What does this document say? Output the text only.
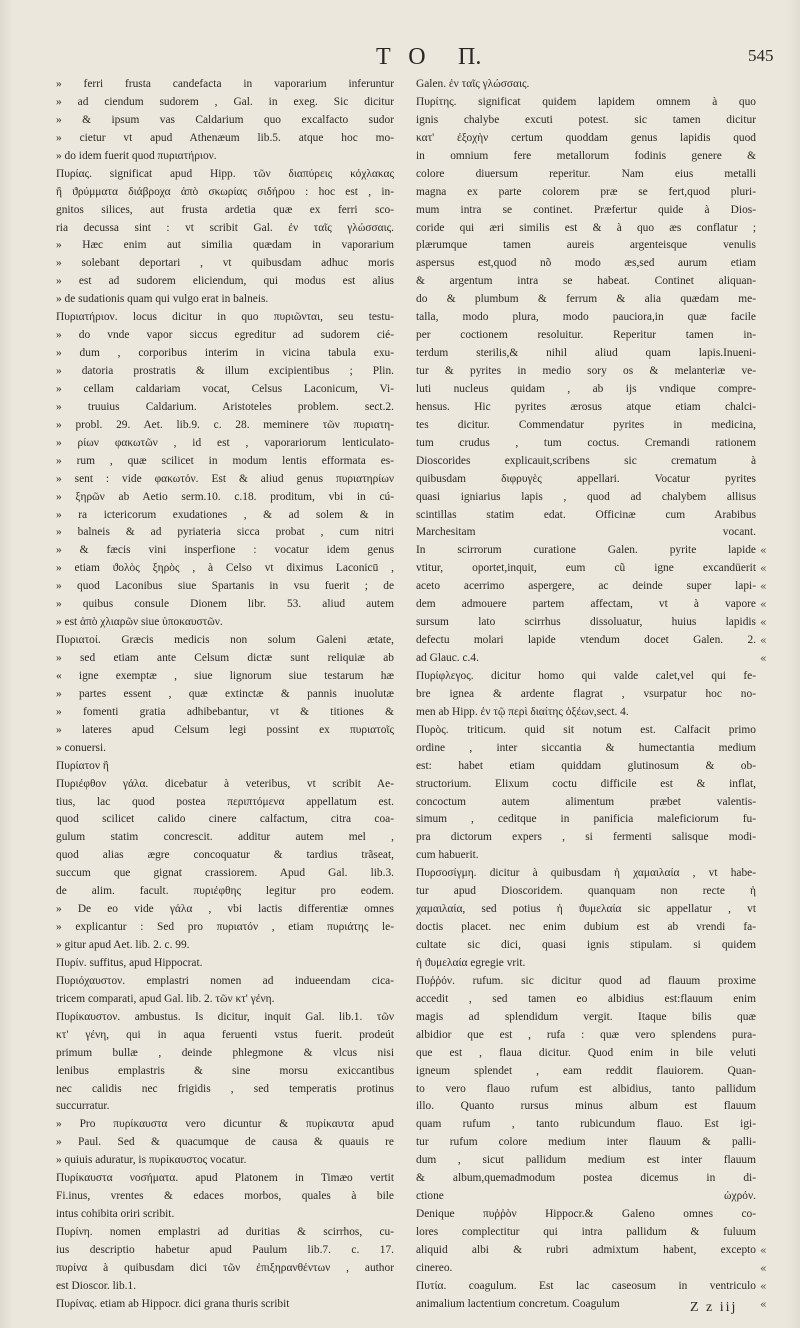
T O Π.	545
» ferri frusta candefacta in vaporarium inferuntur
» ad ciendum sudorem , Gal. in exeg. Sic dicitur
» & ipsum vas Caldarium quo excalfacto sudor
» cietur vt apud Athenæum lib.5. atque hoc mo-
» do idem fuerit quod πυριατήριον.
Πυρίας. significat apud Hipp. τῶν διαπύρεις κόχλακας
ἢ ϑρύμματα διάβροχα ἀπὸ σκωρίας σιδήρου : hoc est , in-
gnitos silices, aut frusta ardetia quæ ex ferri sco-
ria decussa sint : vt scribit Gal. ἐν ταῖς γλώσσαις.
» Hæc enim aut similia quædam in vaporarium
» solebant deportari , vt quibusdam adhuc moris
» est ad sudorem eliciendum, qui modus est alius
» de sudationis quam qui vulgo erat in balneis.
Πυριατήριον. locus dicitur in quo πυριῶνται, seu testu-
» do vnde vapor siccus egreditur ad sudorem cié-
» dum , corporibus interim in vicina tabula exu-
» datoria prostratis & illum excipientibus ; Plin.
» cellam caldariam vocat, Celsus Laconicum, Vi-
» truuius Caldarium. Aristoteles problem. sect.2.
» probl. 29. Aet. lib.9. c. 28. meminere τῶν πυριατη-
» ρίων φακωτῶν , id est , vaporariorum lenticulato-
» rum , quæ scilicet in modum lentis efformata es-
» sent : vide φακωτόν. Est & aliud genus πυριατηρίων
» ξηρῶν ab Aetio serm.10. c.18. proditum, vbi in cú-
» ra ictericorum exudationes , & ad solem & in
» balneis & ad pyriateria sicca probat , cum nitri
» & fæcis vini insperfione : vocatur idem genus
» etiam ϑολὸς ξηρὸς , à Celso vt diximus Laconicū ,
» quod Laconibus siue Spartanis in vsu fuerit ; de
» quibus consule Dionem libr. 53. aliud autem
» est ἀπὸ χλιαρῶν siue ὑποκαυστῶν.
Πυριατοί. Græcis medicis non solum Galeni ætate,
» sed etiam ante Celsum dictæ sunt reliquiæ ab
« igne exemptæ , siue lignorum siue testarum hæ
» partes essent , quæ extinctæ & pannis inuolutæ
» fomenti gratia adhibebantur, vt & titiones &
» lateres apud Celsum legi possint ex πυριατοῖς
» conuersi.
Πυρίατον ἢ
Πυριέφθον γάλα. dicebatur à veteribus, vt scribit Ae-
tius, lac quod postea περιπτόμενα appellatum est.
quod scilicet calido cinere calfactum, citra coa-
gulum statim concrescit. additur autem mel ,
quod alias ægre concoquatur & tardius trãseat,
succum que gignat crassiorem. Apud Gal. lib.3.
de alim. facult. πυριέφθης legitur pro eodem.
» De eo vide γάλα , vbi lactis differentiæ omnes
» explicantur : Sed pro πυριατόν , etiam πυριάτης le-
» gitur apud Aet. lib. 2. c. 99.
Πυρίν. suffitus, apud Hippocrat.
Πυριόχαυστον. emplastri nomen ad indueendam cica-
tricem comparati, apud Gal. lib. 2. τῶν κτ' γένη.
Πυρίκαυστον. ambustus. Is dicitur, inquit Gal. lib.1. τῶν
κτ' γένη, qui in aqua feruenti vstus fuerit. prodeút
primum bullæ , deinde phlegmone & vlcus nisi
lenibus emplastris & sine morsu exiccantibus
nec calidis nec frigidis , sed temperatis protinus
succurratur.
» Pro πυρίκαυστα vero dicuntur & πυρίκαυτα apud
» Paul. Sed & quacumque de causa & quauis re
» quiuis aduratur, is πυρίκαυστος vocatur.
Πυρίκαυστα νοσήματα. apud Platonem in Timæo vertit
Fi.inus, vrentes & edaces morbos, quales à bile
intus cohibita oriri scribit.
Πυρίνη. nomen emplastri ad duritias & scirrhos, cu-
ius descriptio habetur apud Paulum lib.7. c. 17.
πυρίνα à quibusdam dici τῶν ἐπιξηρανθέντων , author
est Dioscor. lib.1.
Πυρίνας. etiam ab Hippocr. dici grana thuris scribit
Galen. ἐν ταῖς γλώσσαις.
Πυρίτης. significat quidem lapidem omnem à quo
ignis chalybe excuti potest. sic tamen dicitur
κατ' ἐξοχὴν certum quoddam genus lapidis quod
in omnium fere metallorum fodinis genere &
colore diuersum reperitur. Nam eius metalli
magna ex parte colorem præ se fert,quod pluri-
mum intra se continet. Præfertur quide à Dios-
coride qui æri similis est & à quo æs conflatur ;
plærumque tamen aureis argenteisque venulis
aspersus est,quod nõ modo æs,sed aurum etiam
& argentum intra se habeat. Continet aliquan-
do & plumbum & ferrum & alia quædam me-
talla, modo plura, modo pauciora,in quæ facile
per coctionem resoluitur. Reperitur tamen in-
terdum sterilis,& nihil aliud quam lapis.Inueni-
tur & pyrites in medio sory os & melanteriæ ve-
luti nucleus quidam , ab ijs vndique compre-
hensus. Hic pyrites ærosus atque etiam chalci-
tes dicitur. Commendatur pyrites in medicina,
tum crudus , tum coctus. Cremandi rationem
Dioscorides explicauit,scribens sic crematum à
quibusdam διφρυγὲς appellari. Vocatur pyrites
quasi igniarius lapis , quod ad chalybem allisus
scintillas statim edat. Officinæ cum Arabibus
Marchesitam vocant.
In scirrorum curatione Galen. pyrite lapide
vtitur, oportet,inquit, eum cũ igne excandüerit
aceto acerrimo aspergere, ac deinde super lapi-
dem admouere partem affectam, vt à vapore
sursum lato scirrhus dissoluatur, huius lapidis
defectu molari lapide vtendum docet Galen. 2.
ad Glauc. c.4.
Πυρίφλεγος. dicitur homo qui valde calet,vel qui fe-
bre ignea & ardente flagrat , vsurpatur hoc no-
men ab Hipp. ἐν τῷ περὶ διαίτης ὀξέων,sect. 4.
Πυρὸς. triticum. quid sit notum est. Calfacit primo
ordine , inter siccantia & humectantia medium
est: habet etiam quiddam glutinosum & ob-
structorium. Elixum coctu difficile est & inflat,
concoctum autem alimentum præbet valentis-
simum , ceditque in panificia maleficiorum fu-
pra dictorum expers , si fermenti salisque modi-
cum habuerit.
Πυρσοσίγμη. dicitur à quibusdam ἡ χαμαιλαία , vt habe-
tur apud Dioscoridem. quanquam non recte ἡ
χαμαιλαία, sed potius ἡ ϑυμελαία sic appellatur , vt
doctis placet. nec enim dubium est ab vrendi fa-
cultate sic dici, quasi ignis stipulam. si quidem
ἡ ϑυμελαία egregie vrit.
Πυῤῥόν. rufum. sic dicitur quod ad flauum proxime
accedit , sed tamen eo albidius est:flauum enim
magis ad splendidum vergit. Itaque bilis quæ
albidior que est , rufa : quæ vero splendens pura-
que est , flaua dicitur. Quod enim in bile veluti
igneum splendet , eam reddit flauiorem. Quan-
to vero flauo rufum est albidius, tanto pallidum
illo. Quanto rursus minus album est flauum
quam rufum , tanto rubicundum flauo. Est igi-
tur rufum colore medium inter flauum & palli-
dum , sicut pallidum medium est inter flauum
& album,quemadmodum postea dicemus in di-
ctione ὠχρόν.
Denique πυῤῥὸν Hippocr.& Galeno omnes co-
lores complectitur qui intra pallidum & fuluum
aliquid albi & rubri admixtum habent, excepto
cinereo.
Πυτία. coagulum. Est lac caseosum in ventriculo
animalium lactentium concretum. Coagulum
«
«
«
«
«
«
«
«
«
«
«
Z z iij
